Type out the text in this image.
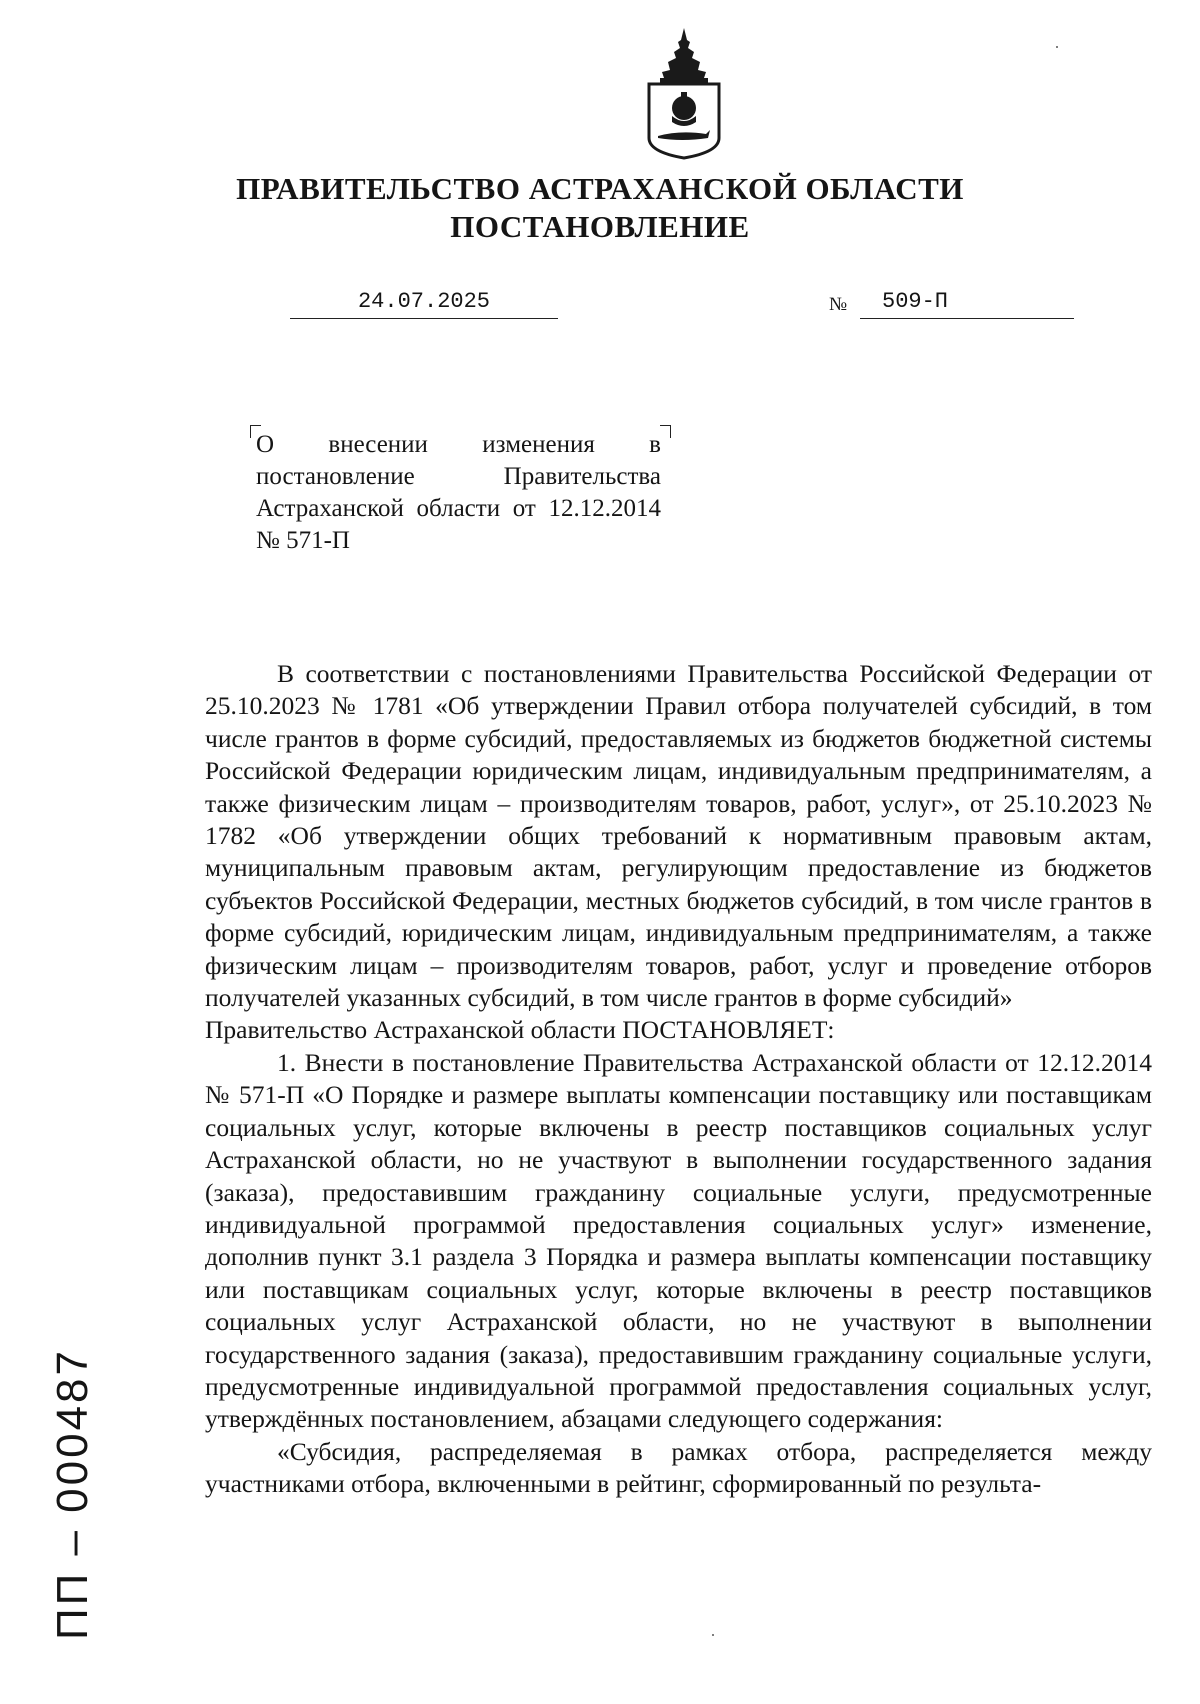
ПРАВИТЕЛЬСТВО АСТРАХАНСКОЙ ОБЛАСТИ
ПОСТАНОВЛЕНИЕ
24.07.2025	№	509-П

О внесении изменения в постановление Правительства Астраханской области от 12.12.2014 № 571-П

В соответствии с постановлениями Правительства Российской Федерации от 25.10.2023 № 1781 «Об утверждении Правил отбора получателей субсидий, в том числе грантов в форме субсидий, предоставляемых из бюджетов бюджетной системы Российской Федерации юридическим лицам, индивидуальным предпринимателям, а также физическим лицам – производителям товаров, работ, услуг», от 25.10.2023 № 1782 «Об утверждении общих требований к нормативным правовым актам, муниципальным правовым актам, регулирующим предоставление из бюджетов субъектов Российской Федерации, местных бюджетов субсидий, в том числе грантов в форме субсидий, юридическим лицам, индивидуальным предпринимателям, а также физическим лицам – производителям товаров, работ, услуг и проведение отборов получателей указанных субсидий, в том числе грантов в форме субсидий»

Правительство Астраханской области ПОСТАНОВЛЯЕТ:

1. Внести в постановление Правительства Астраханской области от 12.12.2014 № 571-П «О Порядке и размере выплаты компенсации поставщику или поставщикам социальных услуг, которые включены в реестр поставщиков социальных услуг Астраханской области, но не участвуют в выполнении государственного задания (заказа), предоставившим гражданину социальные услуги, предусмотренные индивидуальной программой предоставления социальных услуг» изменение, дополнив пункт 3.1 раздела 3 Порядка и размера выплаты компенсации поставщику или поставщикам социальных услуг, которые включены в реестр поставщиков социальных услуг Астраханской области, но не участвуют в выполнении государственного задания (заказа), предоставившим гражданину социальные услуги, предусмотренные индивидуальной программой предоставления социальных услуг, утверждённых постановлением, абзацами следующего содержания:

«Субсидия, распределяемая в рамках отбора, распределяется между участниками отбора, включенными в рейтинг, сформированный по результа-

ПП – 000487
